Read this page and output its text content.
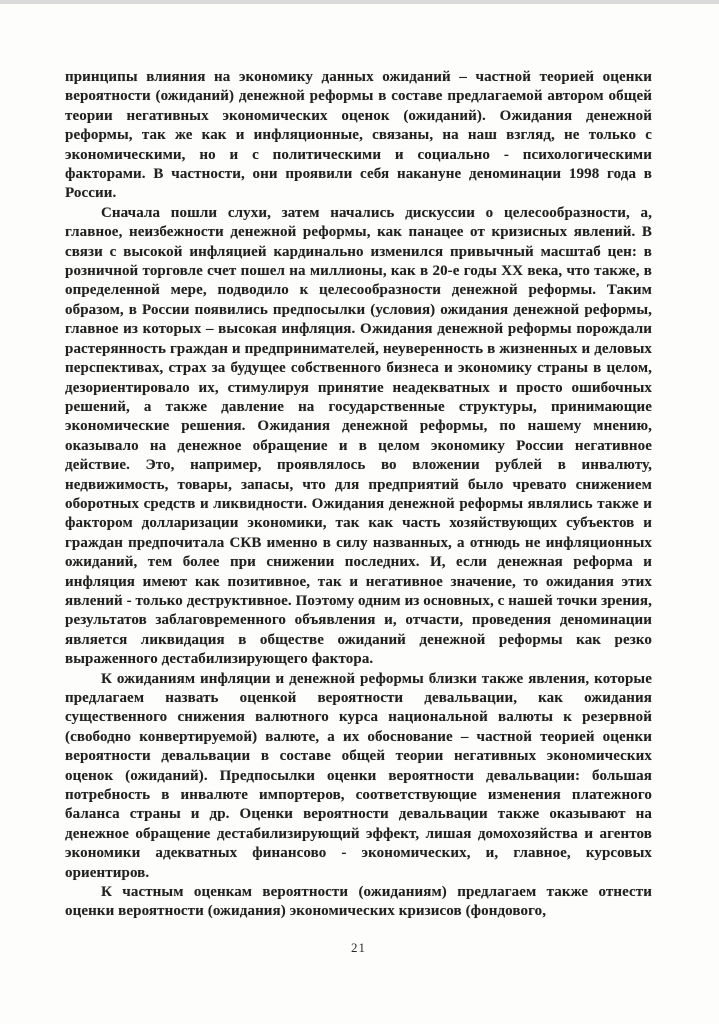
принципы влияния на экономику данных ожиданий – частной теорией оценки вероятности (ожиданий) денежной реформы в составе предлагаемой автором общей теории негативных экономических оценок (ожиданий). Ожидания денежной реформы, так же как и инфляционные, связаны, на наш взгляд, не только с экономическими, но и с политическими и социально - психологическими факторами. В частности, они проявили себя накануне деноминации 1998 года в России.

Сначала пошли слухи, затем начались дискуссии о целесообразности, а, главное, неизбежности денежной реформы, как панацее от кризисных явлений. В связи с высокой инфляцией кардинально изменился привычный масштаб цен: в розничной торговле счет пошел на миллионы, как в 20-е годы XX века, что также, в определенной мере, подводило к целесообразности денежной реформы. Таким образом, в России появились предпосылки (условия) ожидания денежной реформы, главное из которых – высокая инфляция. Ожидания денежной реформы порождали растерянность граждан и предпринимателей, неуверенность в жизненных и деловых перспективах, страх за будущее собственного бизнеса и экономику страны в целом, дезориентировало их, стимулируя принятие неадекватных и просто ошибочных решений, а также давление на государственные структуры, принимающие экономические решения. Ожидания денежной реформы, по нашему мнению, оказывало на денежное обращение и в целом экономику России негативное действие. Это, например, проявлялось во вложении рублей в инвалюту, недвижимость, товары, запасы, что для предприятий было чревато снижением оборотных средств и ликвидности. Ожидания денежной реформы являлись также и фактором долларизации экономики, так как часть хозяйствующих субъектов и граждан предпочитала СКВ именно в силу названных, а отнюдь не инфляционных ожиданий, тем более при снижении последних. И, если денежная реформа и инфляция имеют как позитивное, так и негативное значение, то ожидания этих явлений - только деструктивное. Поэтому одним из основных, с нашей точки зрения, результатов заблаговременного объявления и, отчасти, проведения деноминации является ликвидация в обществе ожиданий денежной реформы как резко выраженного дестабилизирующего фактора.

К ожиданиям инфляции и денежной реформы близки также явления, которые предлагаем назвать оценкой вероятности девальвации, как ожидания существенного снижения валютного курса национальной валюты к резервной (свободно конвертируемой) валюте, а их обоснование – частной теорией оценки вероятности девальвации в составе общей теории негативных экономических оценок (ожиданий). Предпосылки оценки вероятности девальвации: большая потребность в инвалюте импортеров, соответствующие изменения платежного баланса страны и др. Оценки вероятности девальвации также оказывают на денежное обращение дестабилизирующий эффект, лишая домохозяйства и агентов экономики адекватных финансово - экономических, и, главное, курсовых ориентиров.

К частным оценкам вероятности (ожиданиям) предлагаем также отнести оценки вероятности (ожидания) экономических кризисов (фондового,

21
